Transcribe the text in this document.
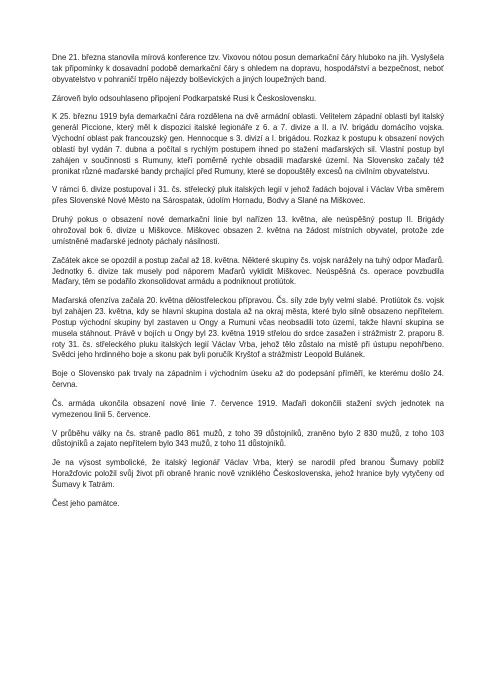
Dne 21. března stanovila mírová konference tzv. Vixovou nótou posun demarkační čáry hluboko na jih. Vyslyšela tak připomínky k dosavadní podobě demarkační čáry s ohledem na dopravu, hospodářství a bezpečnost, neboť obyvatelstvo v pohraničí trpělo nájezdy bolševických a jiných loupežných band.

Zároveň bylo odsouhlaseno připojení Podkarpatské Rusi k Československu.

K 25. březnu 1919 byla demarkační čára rozdělena na dvě armádní oblasti. Velitelem západní oblasti byl italský generál Piccione, který měl k dispozici italské legionáře z 6. a 7. divize a II. a IV. brigádu domácího vojska. Východní oblast pak francouzský gen. Hennocque s 3. divizí a I. brigádou. Rozkaz k postupu k obsazení nových oblastí byl vydán 7. dubna a počítal s rychlým postupem ihned po stažení maďarských sil. Vlastní postup byl zahájen v součinnosti s Rumuny, kteří poměrně rychle obsadili maďarské území. Na Slovensko začaly též pronikat různé maďarské bandy prchající před Rumuny, které se dopouštěly excesů na civilním obyvatelstvu.

V rámci 6. divize postupoval i 31. čs. střelecký pluk italských legií v jehož řadách bojoval i Václav Vrba směrem přes Slovenské Nové Město na Sárospatak, údolím Hornadu, Bodvy a Slané na Miškovec.

Druhý pokus o obsazení nové demarkační linie byl nařízen 13. května, ale neúspěšný postup II. Brigády ohrožoval bok 6. divize u Miškovce. Miškovec obsazen 2. května na žádost místních obyvatel, protože zde umístněné maďarské jednoty páchaly násilnosti.

Začátek akce se opozdil a postup začal až 18. května. Některé skupiny čs. vojsk narážely na tuhý odpor Maďarů. Jednotky 6. divize tak musely pod náporem Maďarů vyklidit Miškovec. Neúspěšná čs. operace povzbudila Maďary, těm se podařilo zkonsolidovat armádu a podniknout protiútok.

Maďarská ofenzíva začala 20. května dělostřeleckou přípravou. Čs. síly zde byly velmi slabé. Protiútok čs. vojsk byl zahájen 23. května, kdy se hlavní skupina dostala až na okraj města, které bylo silně obsazeno nepřítelem. Postup východní skupiny byl zastaven u Ongy a Rumuni včas neobsadili toto území, takže hlavní skupina se musela stáhnout. Právě v bojích u Ongy byl 23. května 1919 střelou do srdce zasažen i strážmistr 2. praporu 8. roty 31. čs. střeleckého pluku italských legií Václav Vrba, jehož tělo zůstalo na místě při ústupu nepohřbeno. Svědci jeho hrdinného boje a skonu pak byli poručík Kryštof a strážmistr Leopold Bulánek.

Boje o Slovensko pak trvaly na západním i východním úseku až do podepsání příměří, ke kterému došlo 24. června.

Čs. armáda ukončila obsazení nové linie 7. července 1919. Maďaři dokončili stažení svých jednotek na vymezenou linii 5. července.

V průběhu války na čs. straně padlo 861 mužů, z toho 39 důstojníků, zraněno bylo 2 830 mužů, z toho 103 důstojníků a zajato nepřítelem bylo 343 mužů, z toho 11 důstojníků.

Je na výsost symbolické, že italský legionář Václav Vrba, který se narodil před branou Šumavy poblíž Horažďovic položil svůj život při obraně hranic nově vzniklého Československa, jehož hranice byly vytyčeny od Šumavy k Tatrám.

Čest jeho památce.
